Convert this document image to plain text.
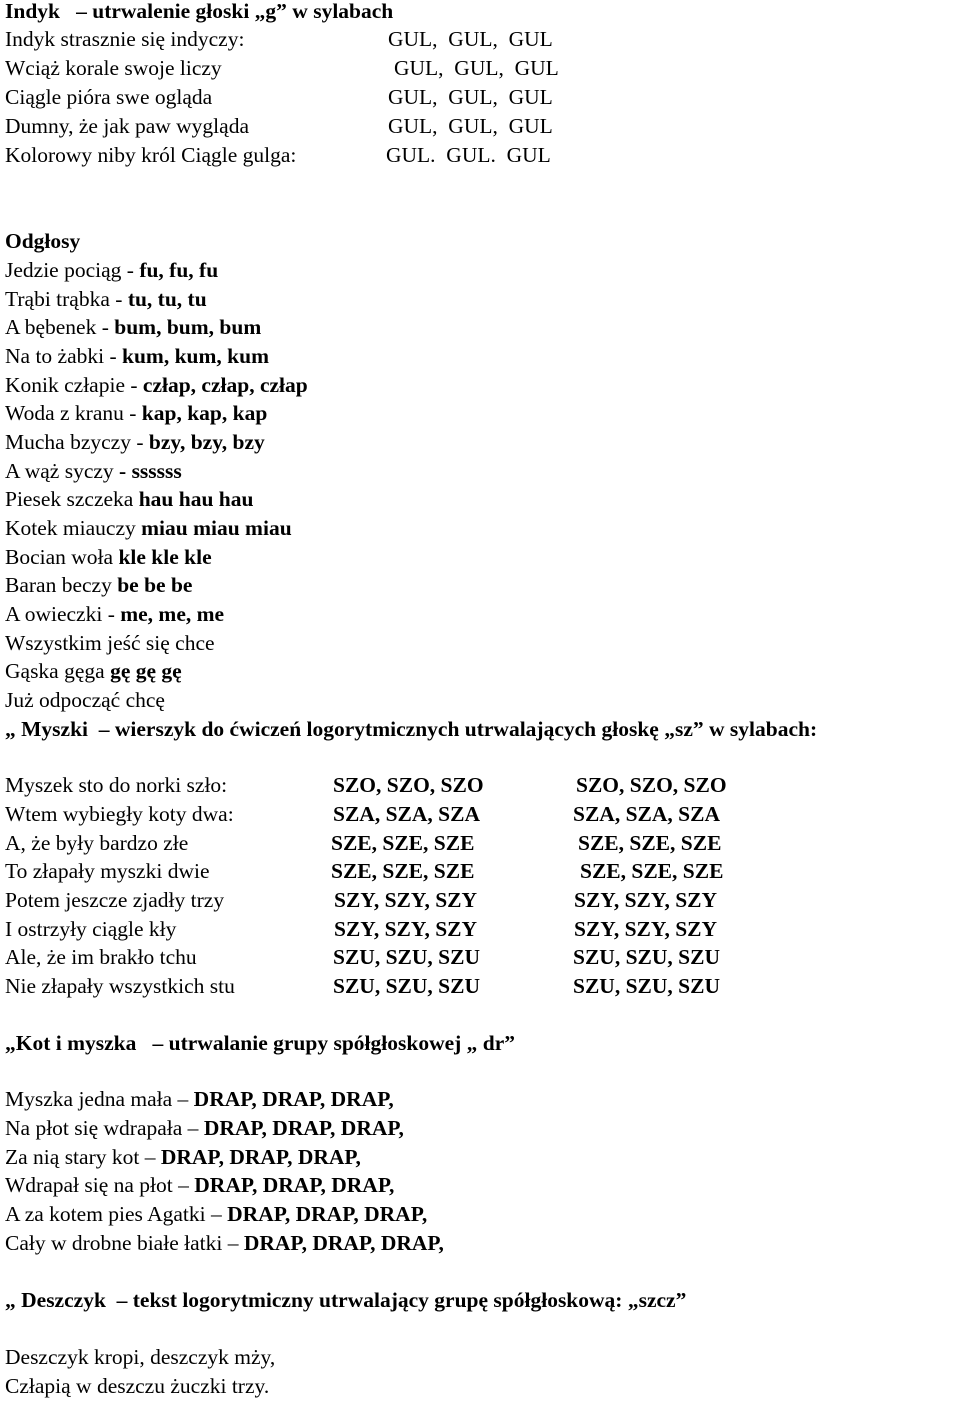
Indyk   – utrwalenie głoski „g” w sylabach
Indyk strasznie się indyczy:	GUL,  GUL,  GUL
Wciąż korale swoje liczy	GUL,  GUL,  GUL
Ciągle pióra swe ogląda	GUL,  GUL,  GUL
Dumny, że jak paw wygląda	GUL,  GUL,  GUL
Kolorowy niby król Ciągle gulga:	GUL.  GUL.  GUL
Odgłosy
Jedzie pociąg - fu, fu, fu
Trąbi trąbka - tu, tu, tu
A bębenek - bum, bum, bum
Na to żabki - kum, kum, kum
Konik człapie - człap, człap, człap
Woda z kranu - kap, kap, kap
Mucha bzyczy - bzy, bzy, bzy
A wąż syczy - ssssss
Piesek szczeka hau hau hau
Kotek miauczy miau miau miau
Bocian woła kle kle kle
Baran beczy be be be
A owieczki - me, me, me
Wszystkim jeść się chce
Gąska gęga gę gę gę
Już odpocząć chcę
„ Myszki  – wierszyk do ćwiczeń logorytmicznych utrwalających głoskę „sz” w sylabach:
Myszek sto do norki szło:	SZO, SZO, SZO	SZO, SZO, SZO
Wtem wybiegły koty dwa:	SZA, SZA, SZA	SZA, SZA, SZA
A, że były bardzo złe	SZE, SZE, SZE	SZE, SZE, SZE
To złapały myszki dwie	SZE, SZE, SZE	SZE, SZE, SZE
Potem jeszcze zjadły trzy	SZY, SZY, SZY	SZY, SZY, SZY
I ostrzyły ciągle kły	SZY, SZY, SZY	SZY, SZY, SZY
Ale, że im brakło tchu	SZU, SZU, SZU	SZU, SZU, SZU
Nie złapały wszystkich stu	SZU, SZU, SZU	SZU, SZU, SZU
„Kot i myszka   – utrwalanie grupy spółgłoskowej „ dr”
Myszka jedna mała – DRAP, DRAP, DRAP,
Na płot się wdrapała – DRAP, DRAP, DRAP,
Za nią stary kot – DRAP, DRAP, DRAP,
Wdrapał się na płot – DRAP, DRAP, DRAP,
A za kotem pies Agatki – DRAP, DRAP, DRAP,
Cały w drobne białe łatki – DRAP, DRAP, DRAP,
„ Deszczyk  – tekst logorytmiczny utrwalający grupę spółgłoskową: „szcz”
Deszczyk kropi, deszczyk mży,
Człapią w deszczu żuczki trzy.
